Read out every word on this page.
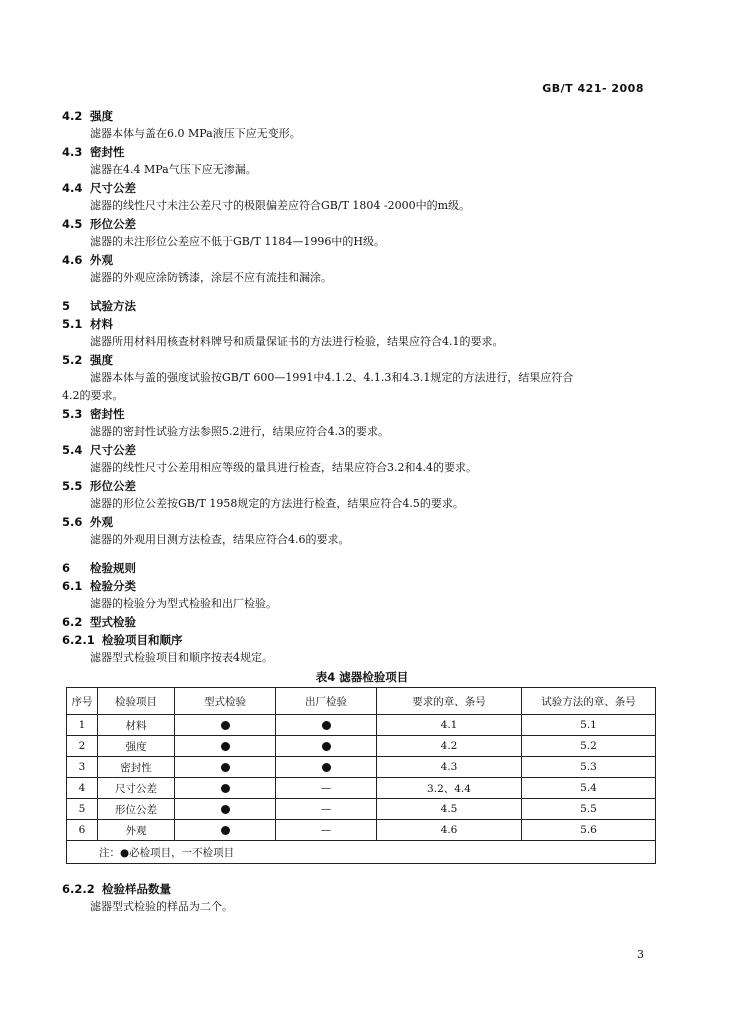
GB/T 421- 2008
4.2 强度
滤器本体与盖在6.0 MPa液压下应无变形。
4.3 密封性
滤器在4.4 MPa气压下应无渗漏。
4.4 尺寸公差
滤器的线性尺寸未注公差尺寸的极限偏差应符合GB/T 1804 -2000中的m级。
4.5 形位公差
滤器的未注形位公差应不低于GB/T 1184—1996中的H级。
4.6 外观
滤器的外观应涂防锈漆，涂层不应有流挂和漏涂。
5 试验方法
5.1 材料
滤器所用材料用核查材料牌号和质量保证书的方法进行检验，结果应符合4.1的要求。
5.2 强度
滤器本体与盖的强度试验按GB/T 600—1991中4.1.2、4.1.3和4.3.1规定的方法进行，结果应符合
4.2的要求。
5.3 密封性
滤器的密封性试验方法参照5.2进行，结果应符合4.3的要求。
5.4 尺寸公差
滤器的线性尺寸公差用相应等级的量具进行检查，结果应符合3.2和4.4的要求。
5.5 形位公差
滤器的形位公差按GB/T 1958规定的方法进行检查，结果应符合4.5的要求。
5.6 外观
滤器的外观用目测方法检查，结果应符合4.6的要求。
6 检验规则
6.1 检验分类
滤器的检验分为型式检验和出厂检验。
6.2 型式检验
6.2.1 检验项目和顺序
滤器型式检验项目和顺序按表4规定。
表4 滤器检验项目
序号	检验项目	型式检验	出厂检验	要求的章、条号	试验方法的章、条号
1	材料			4.1	5.1
2	强度			4.2	5.2
3	密封性			4.3	5.3
4	尺寸公差		—	3.2、4.4	5.4
5	形位公差		—	4.5	5.5
6	外观		—	4.6	5.6
注：●必检项目，一不检项目					
6.2.2 检验样品数量
滤器型式检验的样品为二个。
3
